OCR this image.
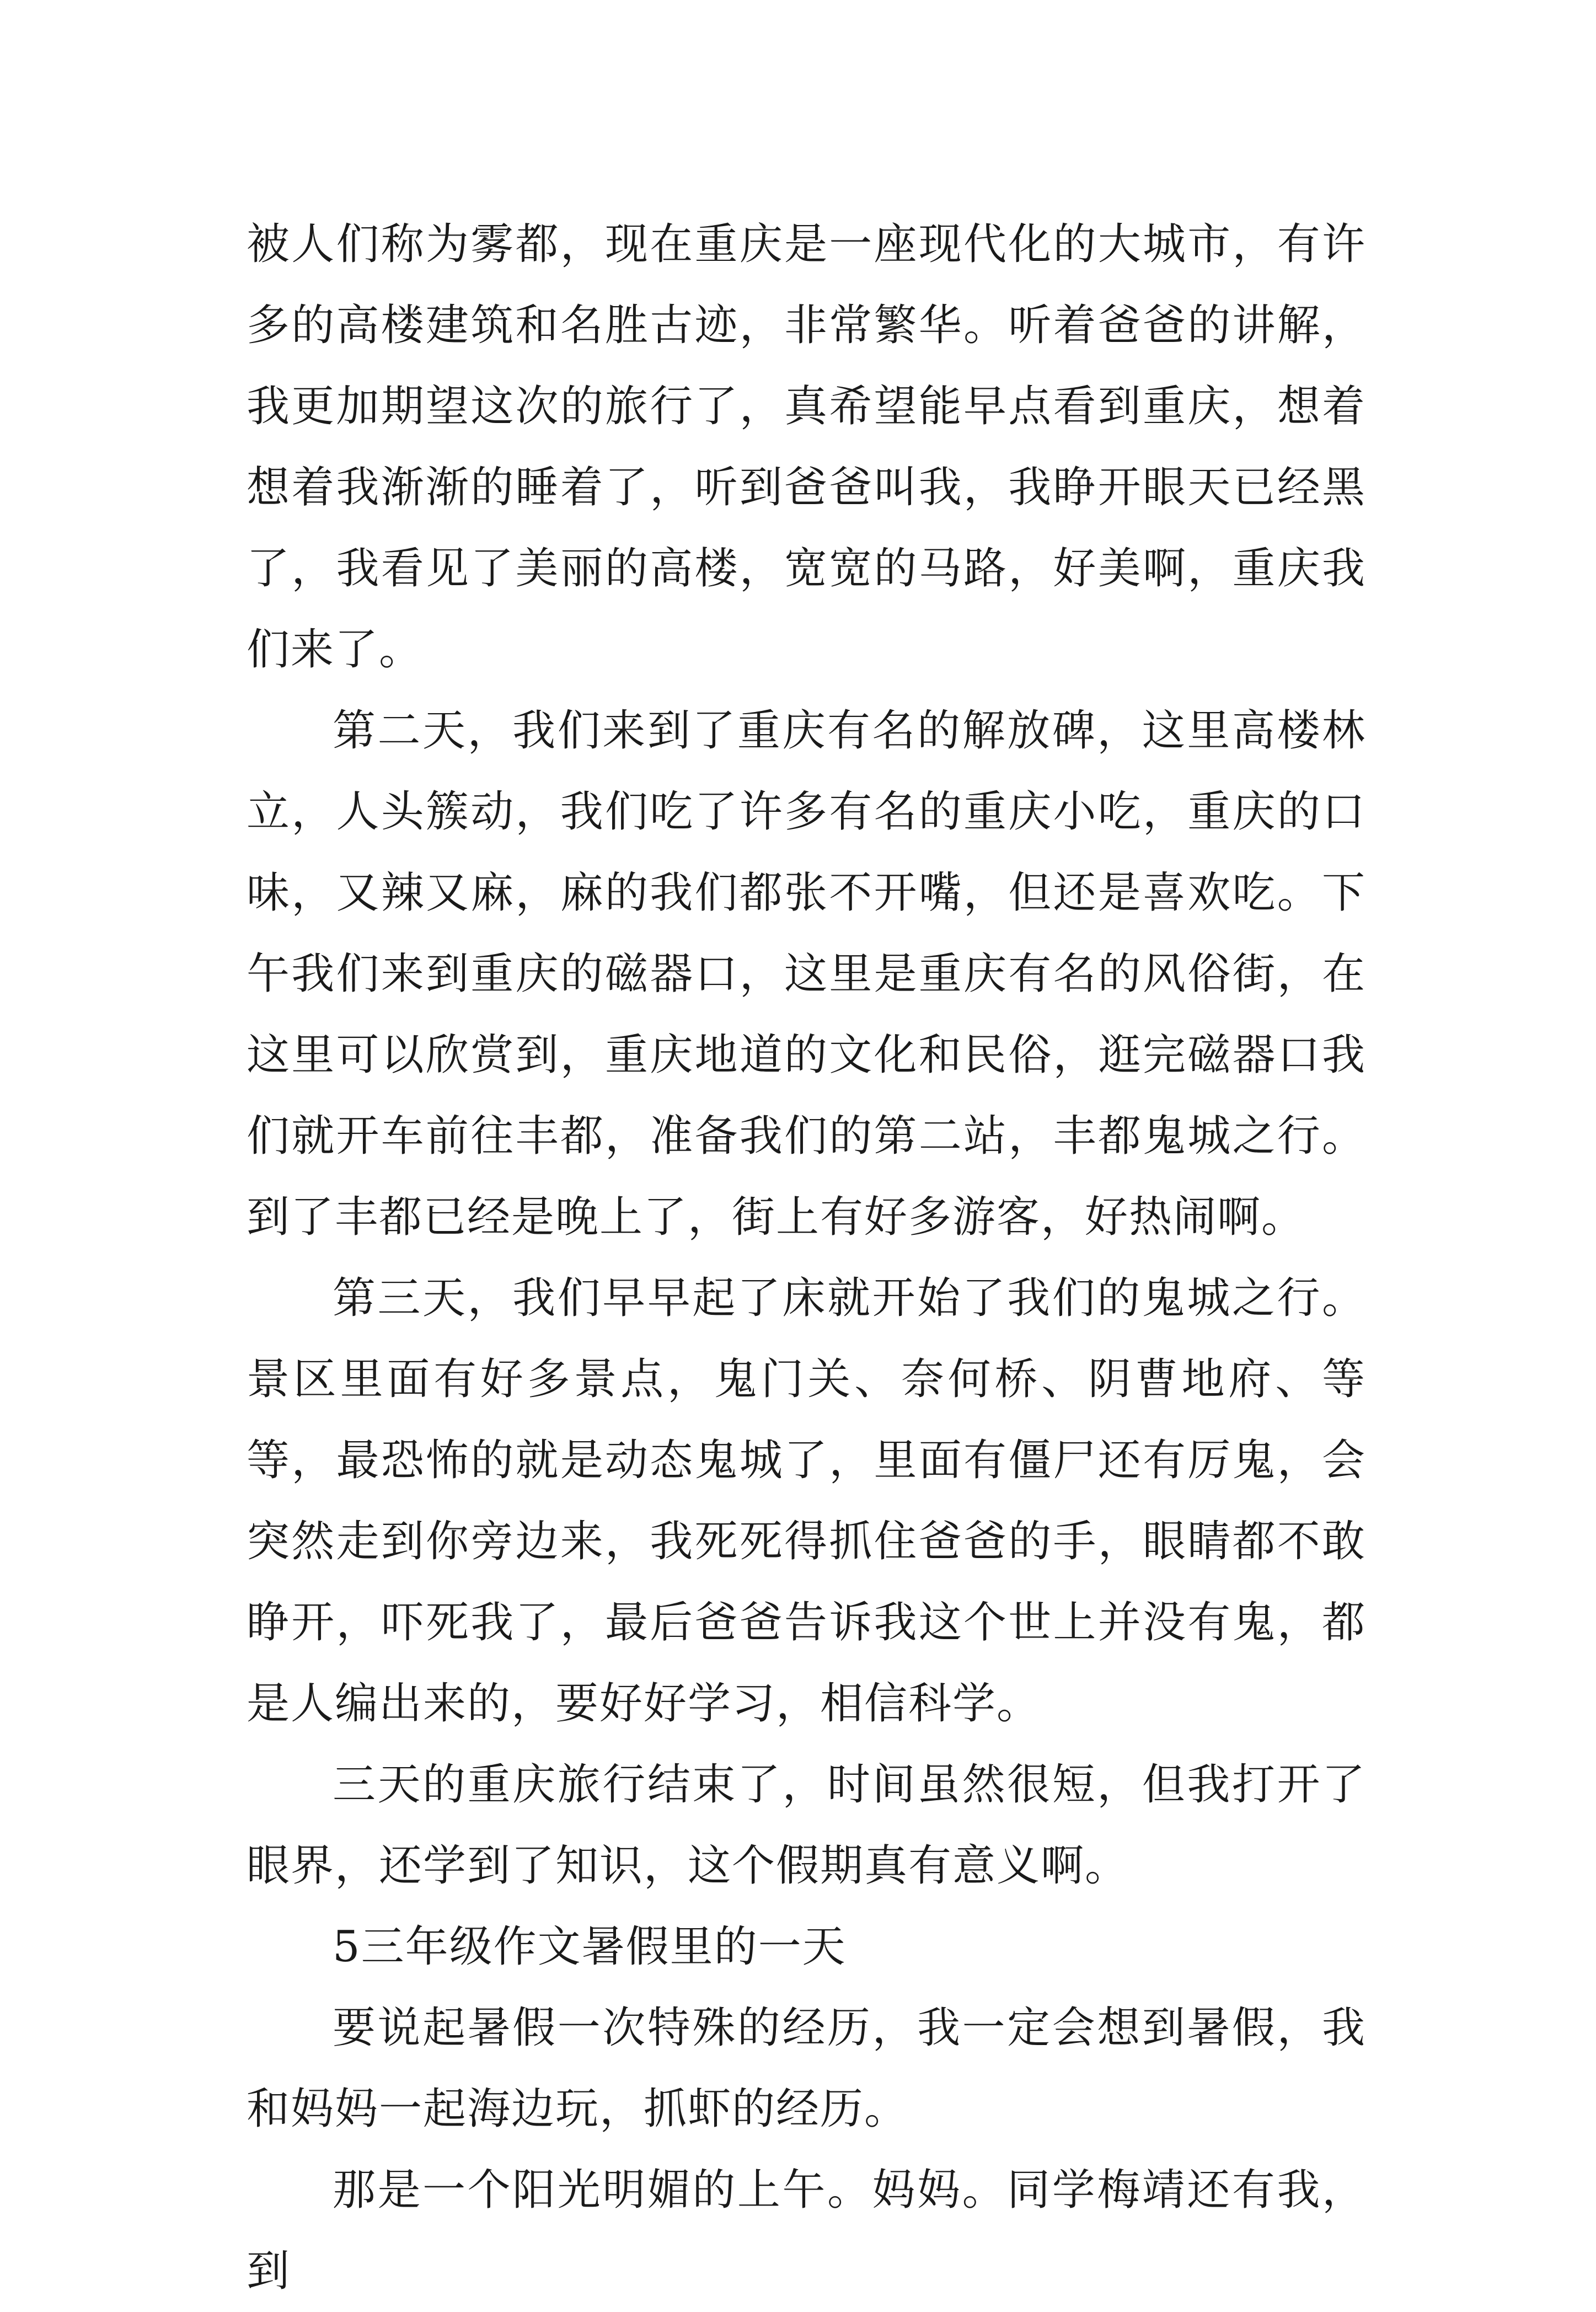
被人们称为雾都，现在重庆是一座现代化的大城市，有许多的高楼建筑和名胜古迹，非常繁华。听着爸爸的讲解，我更加期望这次的旅行了，真希望能早点看到重庆，想着想着我渐渐的睡着了，听到爸爸叫我，我睁开眼天已经黑了，我看见了美丽的高楼，宽宽的马路，好美啊，重庆我们来了。

第二天，我们来到了重庆有名的解放碑，这里高楼林立，人头簇动，我们吃了许多有名的重庆小吃，重庆的口味，又辣又麻，麻的我们都张不开嘴，但还是喜欢吃。下午我们来到重庆的磁器口，这里是重庆有名的风俗街，在这里可以欣赏到，重庆地道的文化和民俗，逛完磁器口我们就开车前往丰都，准备我们的第二站，丰都鬼城之行。到了丰都已经是晚上了，街上有好多游客，好热闹啊。

第三天，我们早早起了床就开始了我们的鬼城之行。景区里面有好多景点，鬼门关、奈何桥、阴曹地府、等等，最恐怖的就是动态鬼城了，里面有僵尸还有厉鬼，会突然走到你旁边来，我死死得抓住爸爸的手，眼睛都不敢睁开，吓死我了，最后爸爸告诉我这个世上并没有鬼，都是人编出来的，要好好学习，相信科学。

三天的重庆旅行结束了，时间虽然很短，但我打开了眼界，还学到了知识，这个假期真有意义啊。

5三年级作文暑假里的一天

要说起暑假一次特殊的经历，我一定会想到暑假，我和妈妈一起海边玩，抓虾的经历。

那是一个阳光明媚的上午。妈妈。同学梅靖还有我，到
